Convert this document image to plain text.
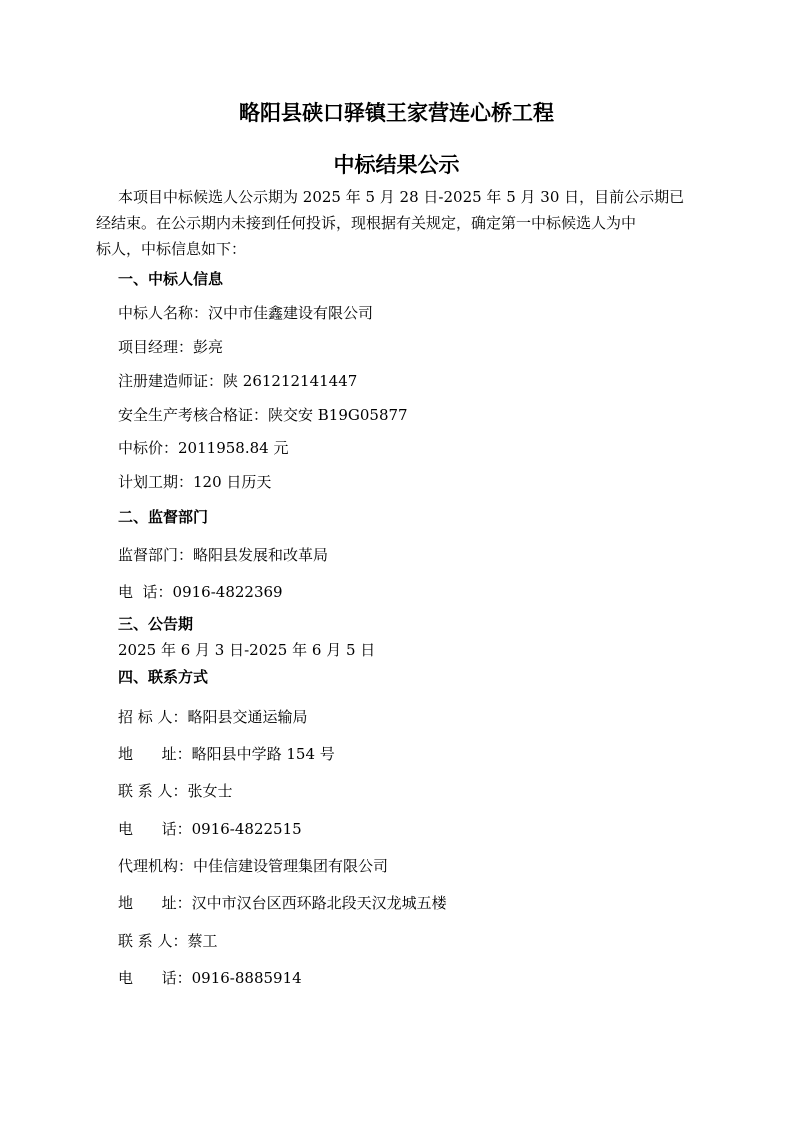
略阳县硖口驿镇王家营连心桥工程
中标结果公示
本项目中标候选人公示期为 2025 年 5 月 28 日-2025 年 5 月 30 日，目前公示期已
经结束。在公示期内未接到任何投诉，现根据有关规定，确定第一中标候选人为中
标人，中标信息如下：
一、中标人信息
中标人名称：汉中市佳鑫建设有限公司
项目经理：彭亮
注册建造师证：陕 261212141447
安全生产考核合格证：陕交安 B19G05877
中标价：2011958.84 元
计划工期：120 日历天
二、监督部门
监督部门：略阳县发展和改革局
电  话：0916-4822369
三、公告期
2025 年 6 月 3 日-2025 年 6 月 5 日
四、联系方式
招 标 人：略阳县交通运输局
地      址：略阳县中学路 154 号
联 系 人：张女士
电      话：0916-4822515
代理机构：中佳信建设管理集团有限公司
地      址：汉中市汉台区西环路北段天汉龙城五楼
联 系 人：蔡工
电      话：0916-8885914
